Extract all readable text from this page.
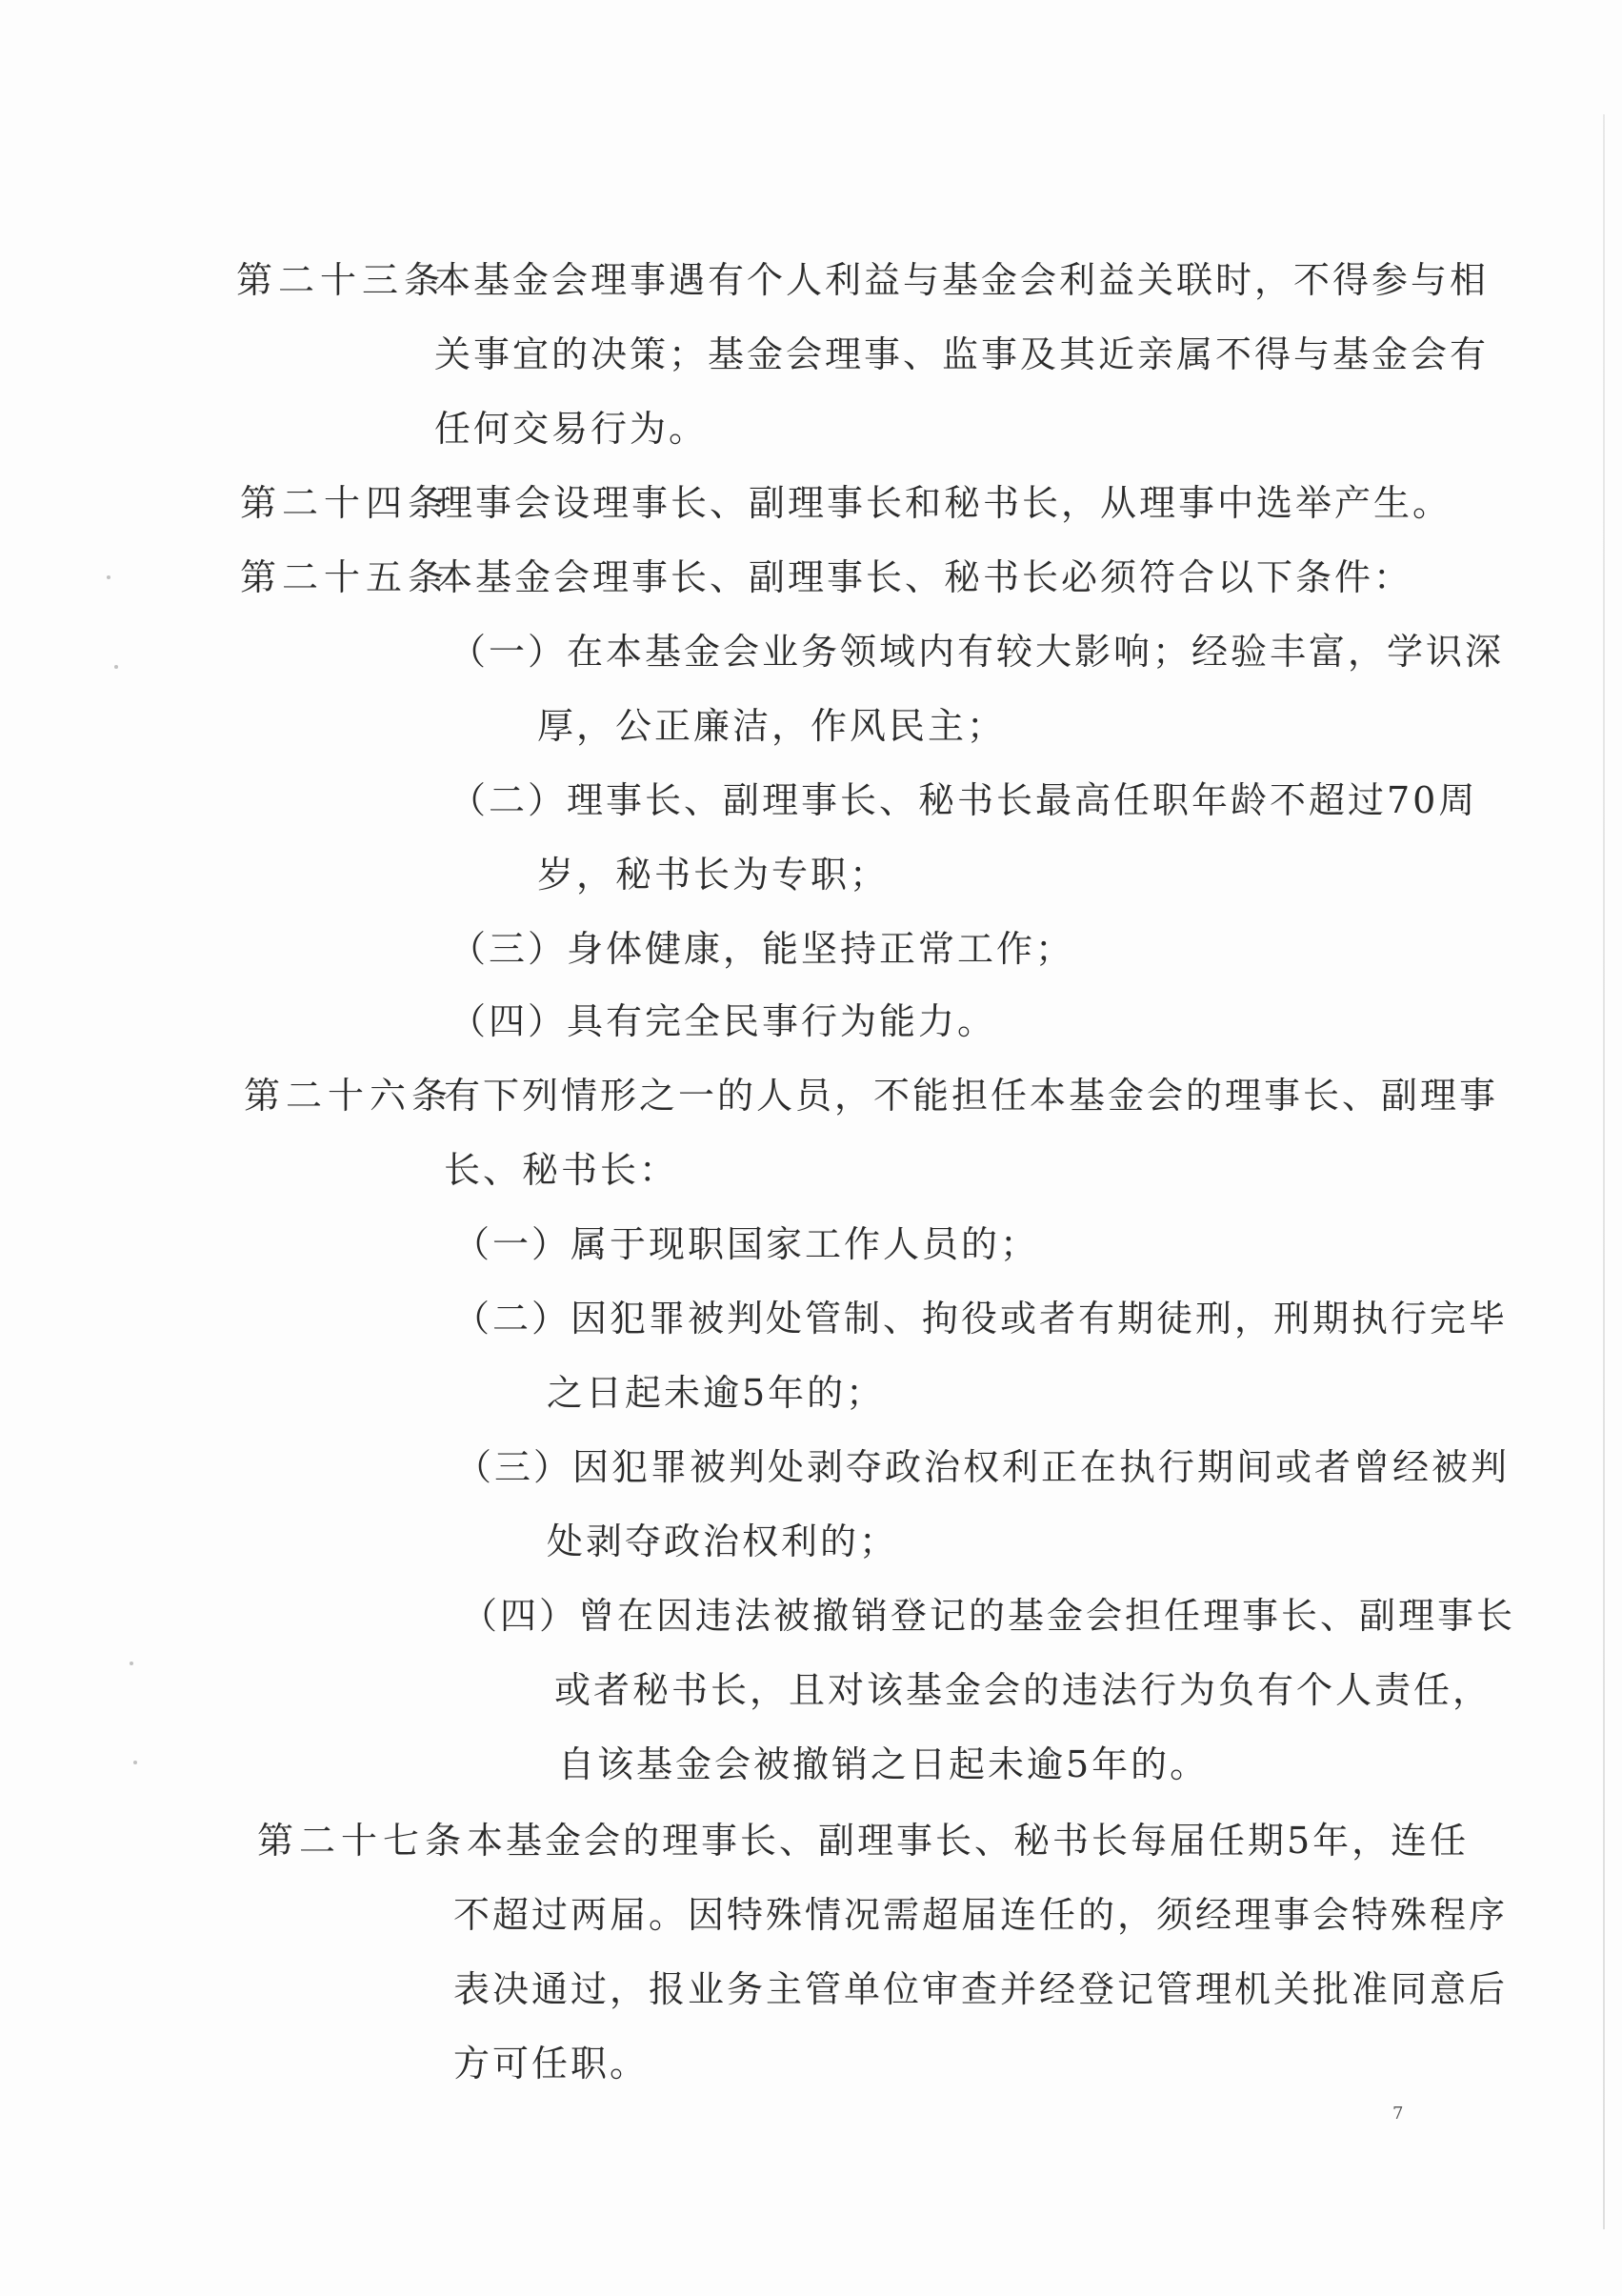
第二十三条
本基金会理事遇有个人利益与基金会利益关联时，不得参与相
关事宜的决策；基金会理事、监事及其近亲属不得与基金会有
任何交易行为。
第二十四条
理事会设理事长、副理事长和秘书长，从理事中选举产生。
第二十五条
本基金会理事长、副理事长、秘书长必须符合以下条件：
（一）在本基金会业务领域内有较大影响；经验丰富，学识深
厚，公正廉洁，作风民主；
（二）理事长、副理事长、秘书长最高任职年龄不超过70周
岁，秘书长为专职；
（三）身体健康，能坚持正常工作；
（四）具有完全民事行为能力。
第二十六条
有下列情形之一的人员，不能担任本基金会的理事长、副理事
长、秘书长：
（一）属于现职国家工作人员的；
（二）因犯罪被判处管制、拘役或者有期徒刑，刑期执行完毕
之日起未逾5年的；
（三）因犯罪被判处剥夺政治权利正在执行期间或者曾经被判
处剥夺政治权利的；
（四）曾在因违法被撤销登记的基金会担任理事长、副理事长
或者秘书长，且对该基金会的违法行为负有个人责任，
自该基金会被撤销之日起未逾5年的。
第二十七条 本基金会的理事长、副理事长、秘书长每届任期5年，连任
不超过两届。因特殊情况需超届连任的，须经理事会特殊程序
表决通过，报业务主管单位审查并经登记管理机关批准同意后
方可任职。
7
